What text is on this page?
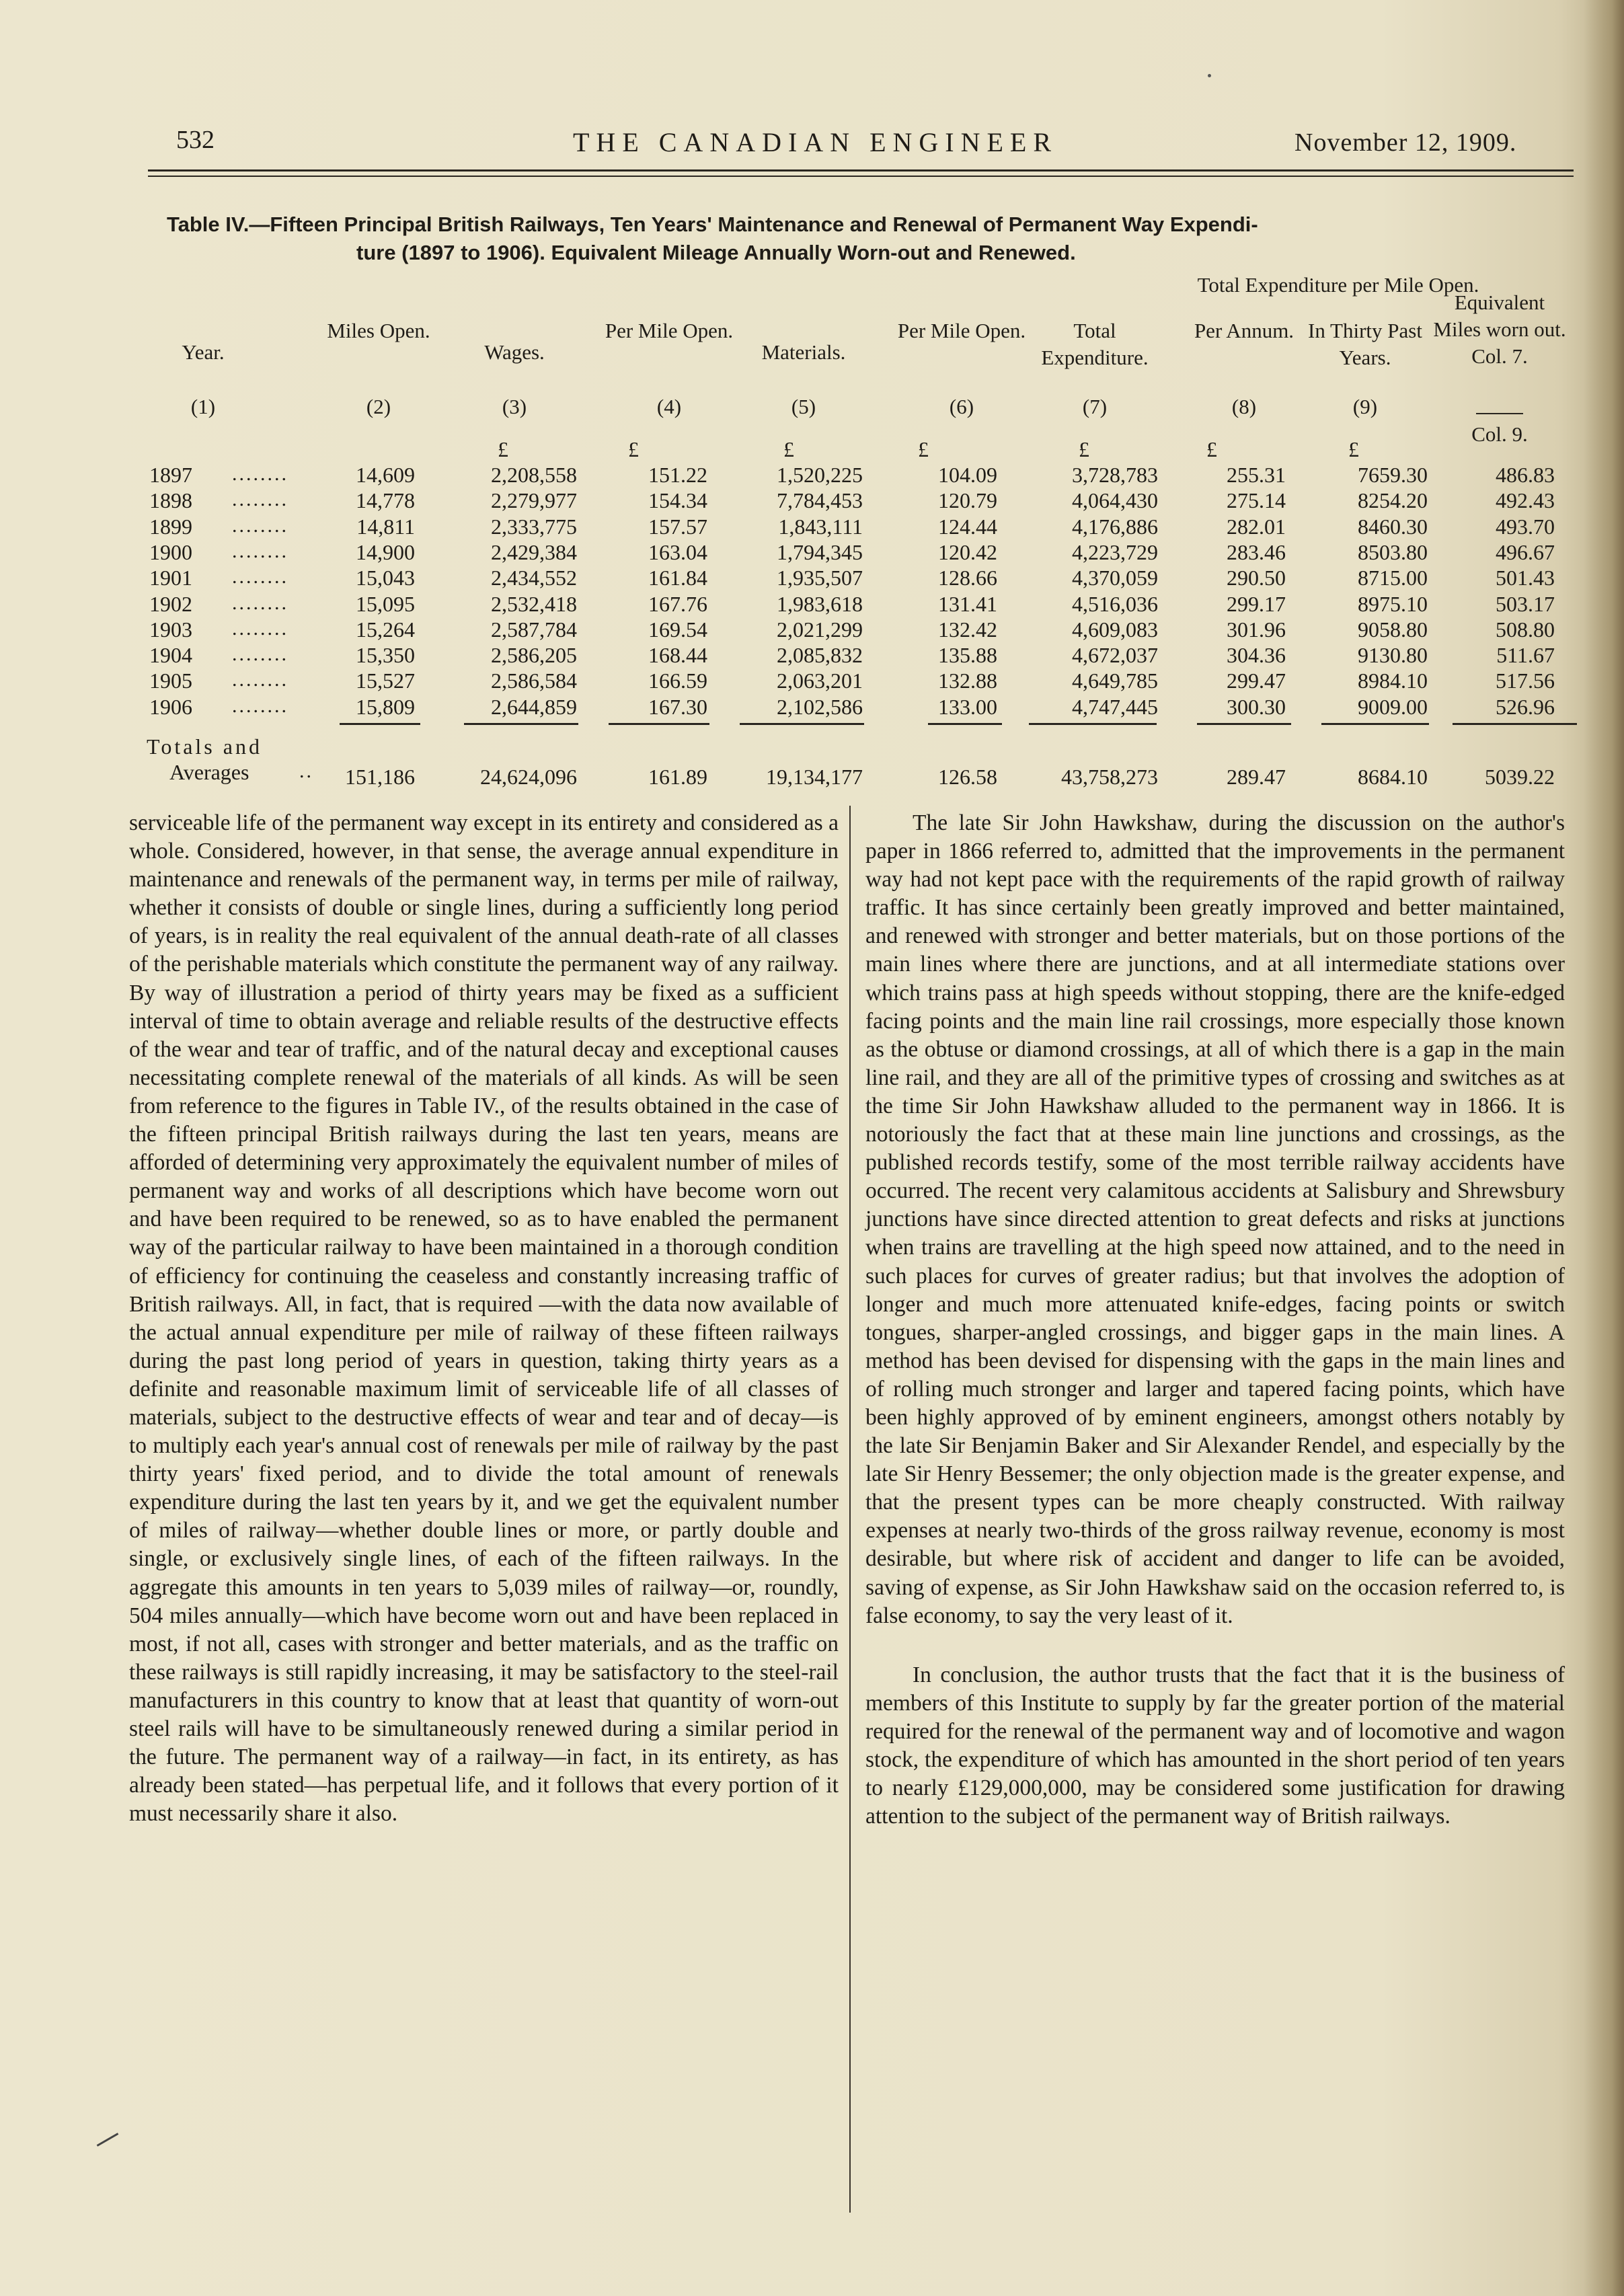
532	THE CANADIAN ENGINEER	November 12, 1909.
Table IV.—Fifteen Principal British Railways, Ten Years' Maintenance and Renewal of Permanent Way Expendi-
ture (1897 to 1906). Equivalent Mileage Annually Worn-out and Renewed.
Total Expenditure per Mile Open.
Year.
(1)
Miles Open.
(2)
Wages.
(3)
Per Mile Open.
(4)
Materials.
(5)
Per Mile Open.
(6)
Total Expenditure.
(7)
Per Annum.
(8)
In Thirty Past Years.
(9)
Equivalent Miles worn out. Col. 7.
Col. 9.
£	£	£	£	£	£	£
1897 ........	14,609	2,208,558	151.22	1,520,225	104.09	3,728,783	255.31	7659.30	486.83
1898 ........	14,778	2,279,977	154.34	7,784,453	120.79	4,064,430	275.14	8254.20	492.43
1899 ........	14,811	2,333,775	157.57	1,843,111	124.44	4,176,886	282.01	8460.30	493.70
1900 ........	14,900	2,429,384	163.04	1,794,345	120.42	4,223,729	283.46	8503.80	496.67
1901 ........	15,043	2,434,552	161.84	1,935,507	128.66	4,370,059	290.50	8715.00	501.43
1902 ........	15,095	2,532,418	167.76	1,983,618	131.41	4,516,036	299.17	8975.10	503.17
1903 ........	15,264	2,587,784	169.54	2,021,299	132.42	4,609,083	301.96	9058.80	508.80
1904 ........	15,350	2,586,205	168.44	2,085,832	135.88	4,672,037	304.36	9130.80	511.67
1905 ........	15,527	2,586,584	166.59	2,063,201	132.88	4,649,785	299.47	8984.10	517.56
1906 ........	15,809	2,644,859	167.30	2,102,586	133.00	4,747,445	300.30	9009.00	526.96
Totals and
Averages ..	151,186	24,624,096	161.89	19,134,177	126.58	43,758,273	289.47	8684.10	5039.22

serviceable life of the permanent way except in its entirety and considered as a whole. Considered, however, in that sense, the average annual expenditure in maintenance and renewals of the permanent way, in terms per mile of railway, whether it consists of double or single lines, during a sufficiently long period of years, is in reality the real equivalent of the annual death-rate of all classes of the perishable materials which constitute the permanent way of any railway. By way of illustration a period of thirty years may be fixed as a sufficient interval of time to obtain average and reliable results of the destructive effects of the wear and tear of traffic, and of the natural decay and exceptional causes necessitating complete renewal of the materials of all kinds. As will be seen from reference to the figures in Table IV., of the results obtained in the case of the fifteen principal British railways during the last ten years, means are afforded of determining very approximately the equivalent number of miles of permanent way and works of all descriptions which have become worn out and have been required to be renewed, so as to have enabled the permanent way of the particular railway to have been maintained in a thorough condition of efficiency for continuing the ceaseless and constantly increasing traffic of British railways. All, in fact, that is required —with the data now available of the actual annual expenditure per mile of railway of these fifteen railways during the past long period of years in question, taking thirty years as a definite and reasonable maximum limit of serviceable life of all classes of materials, subject to the destructive effects of wear and tear and of decay—is to multiply each year's annual cost of renewals per mile of railway by the past thirty years' fixed period, and to divide the total amount of renewals expenditure during the last ten years by it, and we get the equivalent number of miles of railway—whether double lines or more, or partly double and single, or exclusively single lines, of each of the fifteen railways. In the aggregate this amounts in ten years to 5,039 miles of railway—or, roundly, 504 miles annually—which have become worn out and have been replaced in most, if not all, cases with stronger and better materials, and as the traffic on these railways is still rapidly increasing, it may be satisfactory to the steel-rail manufacturers in this country to know that at least that quantity of worn-out steel rails will have to be simultaneously renewed during a similar period in the future. The permanent way of a railway—in fact, in its entirety, as has already been stated—has perpetual life, and it follows that every portion of it must necessarily share it also.

The late Sir John Hawkshaw, during the discussion on the author's paper in 1866 referred to, admitted that the improvements in the permanent way had not kept pace with the requirements of the rapid growth of railway traffic. It has since certainly been greatly improved and better maintained, and renewed with stronger and better materials, but on those portions of the main lines where there are junctions, and at all intermediate stations over which trains pass at high speeds without stopping, there are the knife-edged facing points and the main line rail crossings, more especially those known as the obtuse or diamond crossings, at all of which there is a gap in the main line rail, and they are all of the primitive types of crossing and switches as at the time Sir John Hawkshaw alluded to the permanent way in 1866. It is notoriously the fact that at these main line junctions and crossings, as the published records testify, some of the most terrible railway accidents have occurred. The recent very calamitous accidents at Salisbury and Shrewsbury junctions have since directed attention to great defects and risks at junctions when trains are travelling at the high speed now attained, and to the need in such places for curves of greater radius; but that involves the adoption of longer and much more attenuated knife-edges, facing points or switch tongues, sharper-angled crossings, and bigger gaps in the main lines. A method has been devised for dispensing with the gaps in the main lines and of rolling much stronger and larger and tapered facing points, which have been highly approved of by eminent engineers, amongst others notably by the late Sir Benjamin Baker and Sir Alexander Rendel, and especially by the late Sir Henry Bessemer; the only objection made is the greater expense, and that the present types can be more cheaply constructed. With railway expenses at nearly two-thirds of the gross railway revenue, economy is most desirable, but where risk of accident and danger to life can be avoided, saving of expense, as Sir John Hawkshaw said on the occasion referred to, is false economy, to say the very least of it.

In conclusion, the author trusts that the fact that it is the business of members of this Institute to supply by far the greater portion of the material required for the renewal of the permanent way and of locomotive and wagon stock, the expenditure of which has amounted in the short period of ten years to nearly £129,000,000, may be considered some justification for drawing attention to the subject of the permanent way of British railways.
